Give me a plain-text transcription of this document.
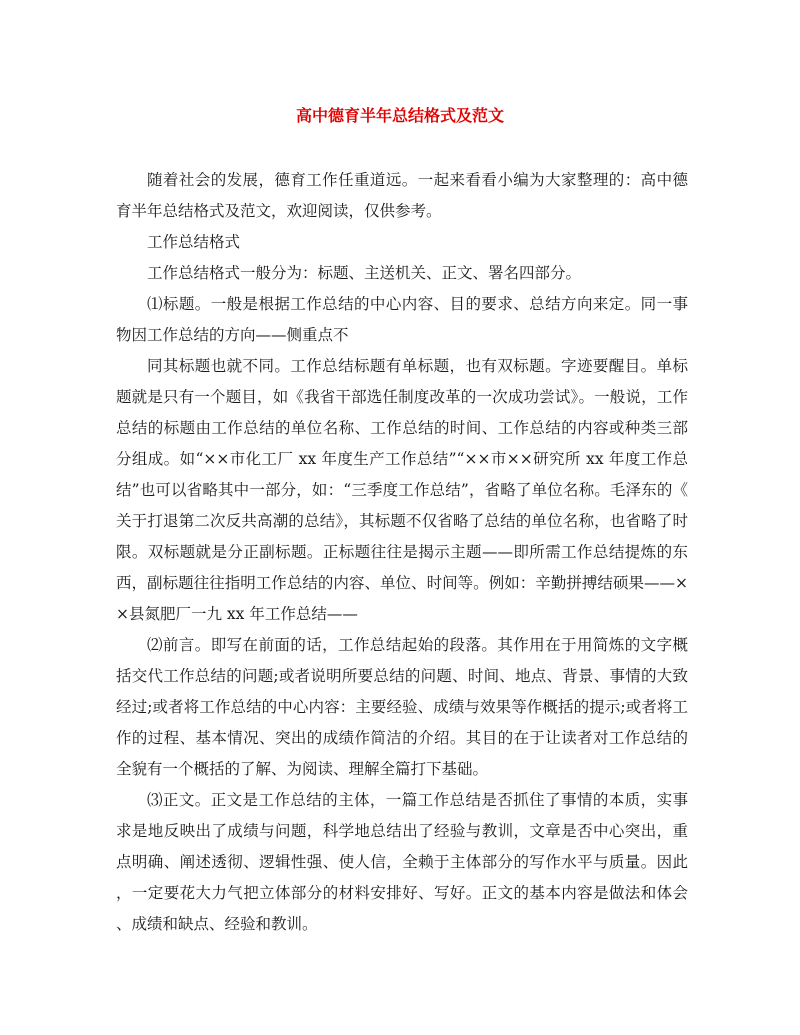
高中德育半年总结格式及范文

随着社会的发展，德育工作任重道远。一起来看看小编为大家整理的：高中德育半年总结格式及范文，欢迎阅读，仅供参考。

工作总结格式

工作总结格式一般分为：标题、主送机关、正文、署名四部分。

⑴标题。一般是根据工作总结的中心内容、目的要求、总结方向来定。同一事物因工作总结的方向——侧重点不

同其标题也就不同。工作总结标题有单标题，也有双标题。字迹要醒目。单标题就是只有一个题目，如《我省干部选任制度改革的一次成功尝试》。一般说，工作总结的标题由工作总结的单位名称、工作总结的时间、工作总结的内容或种类三部分组成。如“××市化工厂 xx 年度生产工作总结”“××市××研究所 xx 年度工作总结”也可以省略其中一部分，如：“三季度工作总结”，省略了单位名称。毛泽东的《关于打退第二次反共高潮的总结》，其标题不仅省略了总结的单位名称，也省略了时限。双标题就是分正副标题。正标题往往是揭示主题——即所需工作总结提炼的东西，副标题往往指明工作总结的内容、单位、时间等。例如：辛勤拼搏结硕果——××县氮肥厂一九 xx 年工作总结——

⑵前言。即写在前面的话，工作总结起始的段落。其作用在于用简炼的文字概括交代工作总结的问题;或者说明所要总结的问题、时间、地点、背景、事情的大致经过;或者将工作总结的中心内容：主要经验、成绩与效果等作概括的提示;或者将工作的过程、基本情况、突出的成绩作简洁的介绍。其目的在于让读者对工作总结的全貌有一个概括的了解、为阅读、理解全篇打下基础。

⑶正文。正文是工作总结的主体，一篇工作总结是否抓住了事情的本质，实事求是地反映出了成绩与问题，科学地总结出了经验与教训，文章是否中心突出，重点明确、阐述透彻、逻辑性强、使人信，全赖于主体部分的写作水平与质量。因此，一定要花大力气把立体部分的材料安排好、写好。正文的基本内容是做法和体会、成绩和缺点、经验和教训。
